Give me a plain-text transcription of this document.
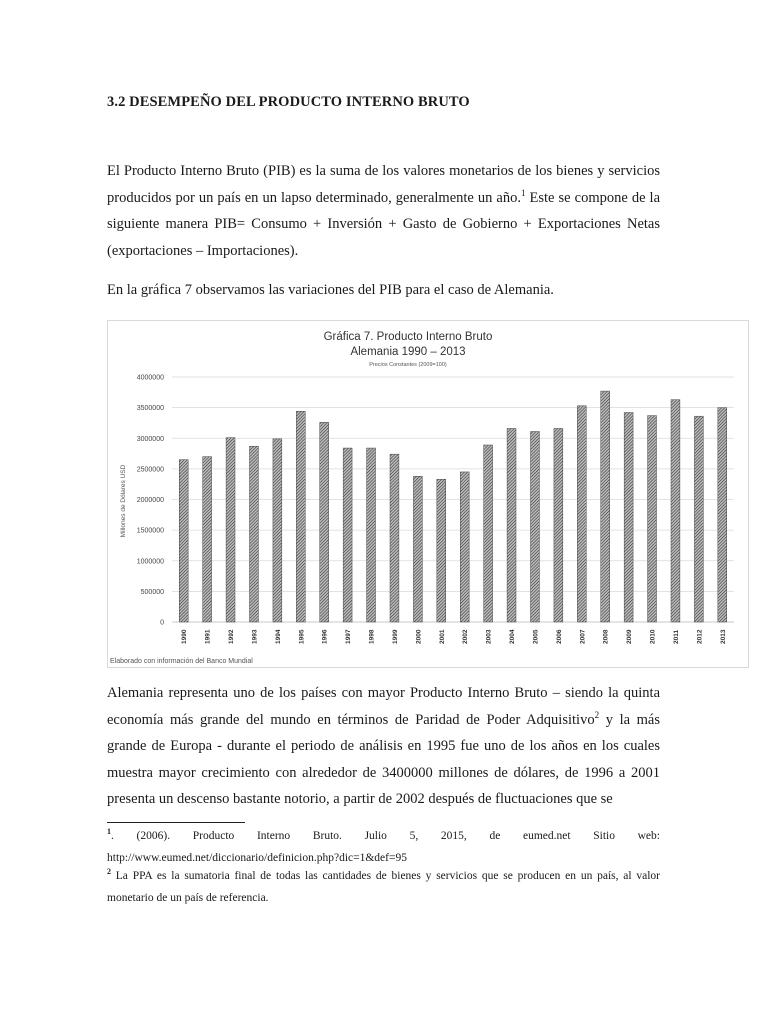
3.2 DESEMPEÑO DEL PRODUCTO INTERNO BRUTO
El Producto Interno Bruto (PIB) es la suma de los valores monetarios de los bienes y servicios producidos por un país en un lapso determinado, generalmente un año.$^1$ Este se compone de la siguiente manera PIB= Consumo + Inversión + Gasto de Gobierno + Exportaciones Netas (exportaciones – Importaciones).
En la gráfica 7 observamos las variaciones del PIB para el caso de Alemania.
Gráfica 7. Producto Interno Bruto
Alemania 1990 – 2013
Precios Constantes (2009=100)
0
500000
1000000
1500000
2000000
2500000
3000000
3500000
4000000
1990	1991	1992	1993	1994	1995	1996	1997	1998	1999	2000	2001	2002	2003	2004	2005	2006	2007	2008	2009	2010	2011	2012	2013
Millones de Dólares USD
Elaborado con información del Banco Mundial
Alemania representa uno de los países con mayor Producto Interno Bruto – siendo la quinta economía más grande del mundo en términos de Paridad de Poder Adquisitivo$^2$ y la más grande de Europa - durante el periodo de análisis en 1995 fue uno de los años en los cuales muestra mayor crecimiento con alrededor de 3400000 millones de dólares, de 1996 a 2001 presenta un descenso bastante notorio, a partir de 2002 después de fluctuaciones que se
$^1$. (2006). Producto Interno Bruto. Julio 5, 2015, de eumed.net Sitio web:
http://www.eumed.net/diccionario/definicion.php?dic=1&def=95
$^2$ La PPA es la sumatoria final de todas las cantidades de bienes y servicios que se producen en un país, al valor monetario de un país de referencia.
